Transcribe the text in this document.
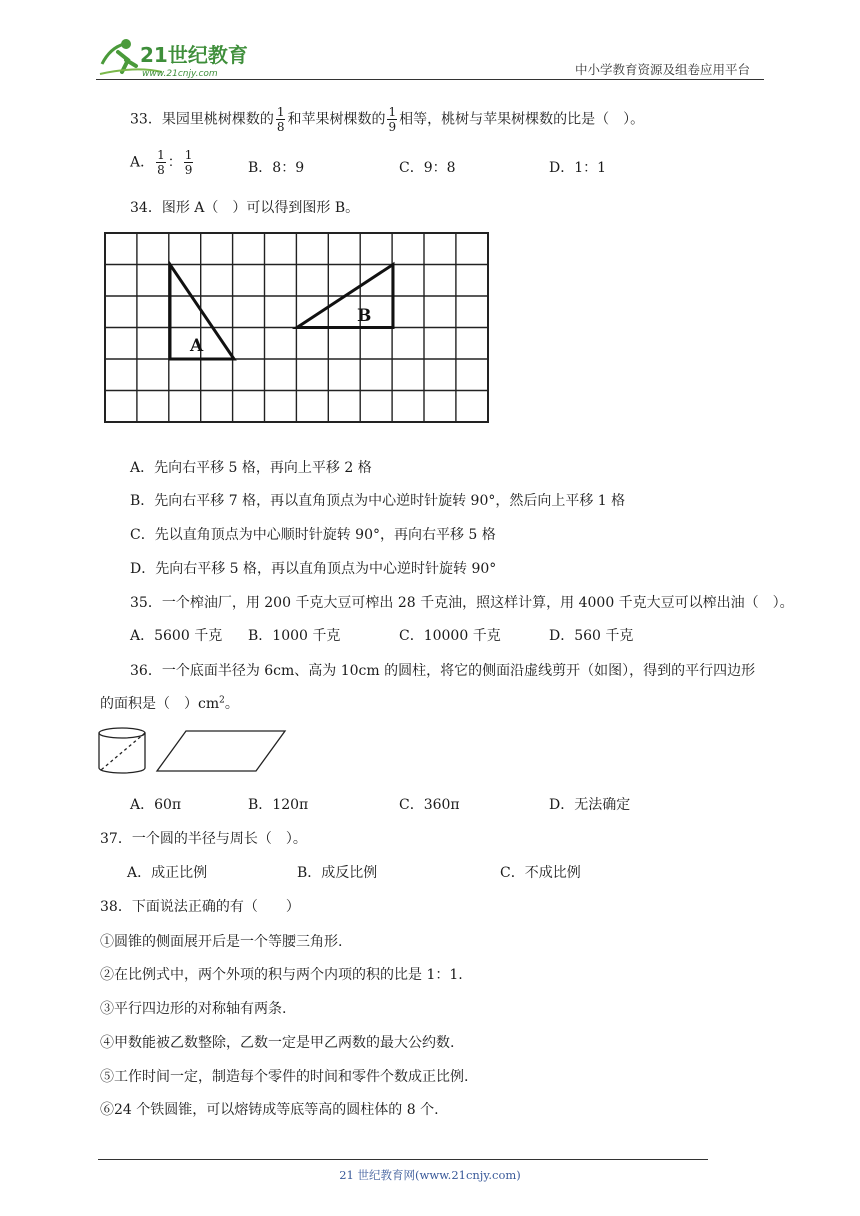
21世纪教育
www.21cnjy.com	中小学教育资源及组卷应用平台
33．果园里桃树棵数的 $\frac{1}{8}$ 和苹果树棵数的 $\frac{1}{9}$ 相等，桃树与苹果树棵数的比是（　）。
A． $\frac{1}{8}$ ： $\frac{1}{9}$	B．8：9	C．9：8	D．1：1
34．图形 A（　）可以得到图形 B。
A
B
A．先向右平移 5 格，再向上平移 2 格
B．先向右平移 7 格，再以直角顶点为中心逆时针旋转 90°，然后向上平移 1 格
C．先以直角顶点为中心顺时针旋转 90°，再向右平移 5 格
D．先向右平移 5 格，再以直角顶点为中心逆时针旋转 90°
35．一个榨油厂，用 200 千克大豆可榨出 28 千克油，照这样计算，用 4000 千克大豆可以榨出油（　）。
A．5600 千克 B．1000 千克	C．10000 千克	D．560 千克
36．一个底面半径为 6cm、高为 10cm 的圆柱，将它的侧面沿虚线剪开（如图），得到的平行四边形
的面积是（　）$cm^2$。
A．60π	B．120π	C．360π	D．无法确定
37．一个圆的半径与周长（　）。
A．成正比例	B．成反比例	C．不成比例
38．下面说法正确的有（　　）
①圆锥的侧面展开后是一个等腰三角形.
②在比例式中，两个外项的积与两个内项的积的比是 1：1.
③平行四边形的对称轴有两条.
④甲数能被乙数整除，乙数一定是甲乙两数的最大公约数.
⑤工作时间一定，制造每个零件的时间和零件个数成正比例.
⑥24 个铁圆锥，可以熔铸成等底等高的圆柱体的 8 个.
21 世纪教育网(www.21cnjy.com)
